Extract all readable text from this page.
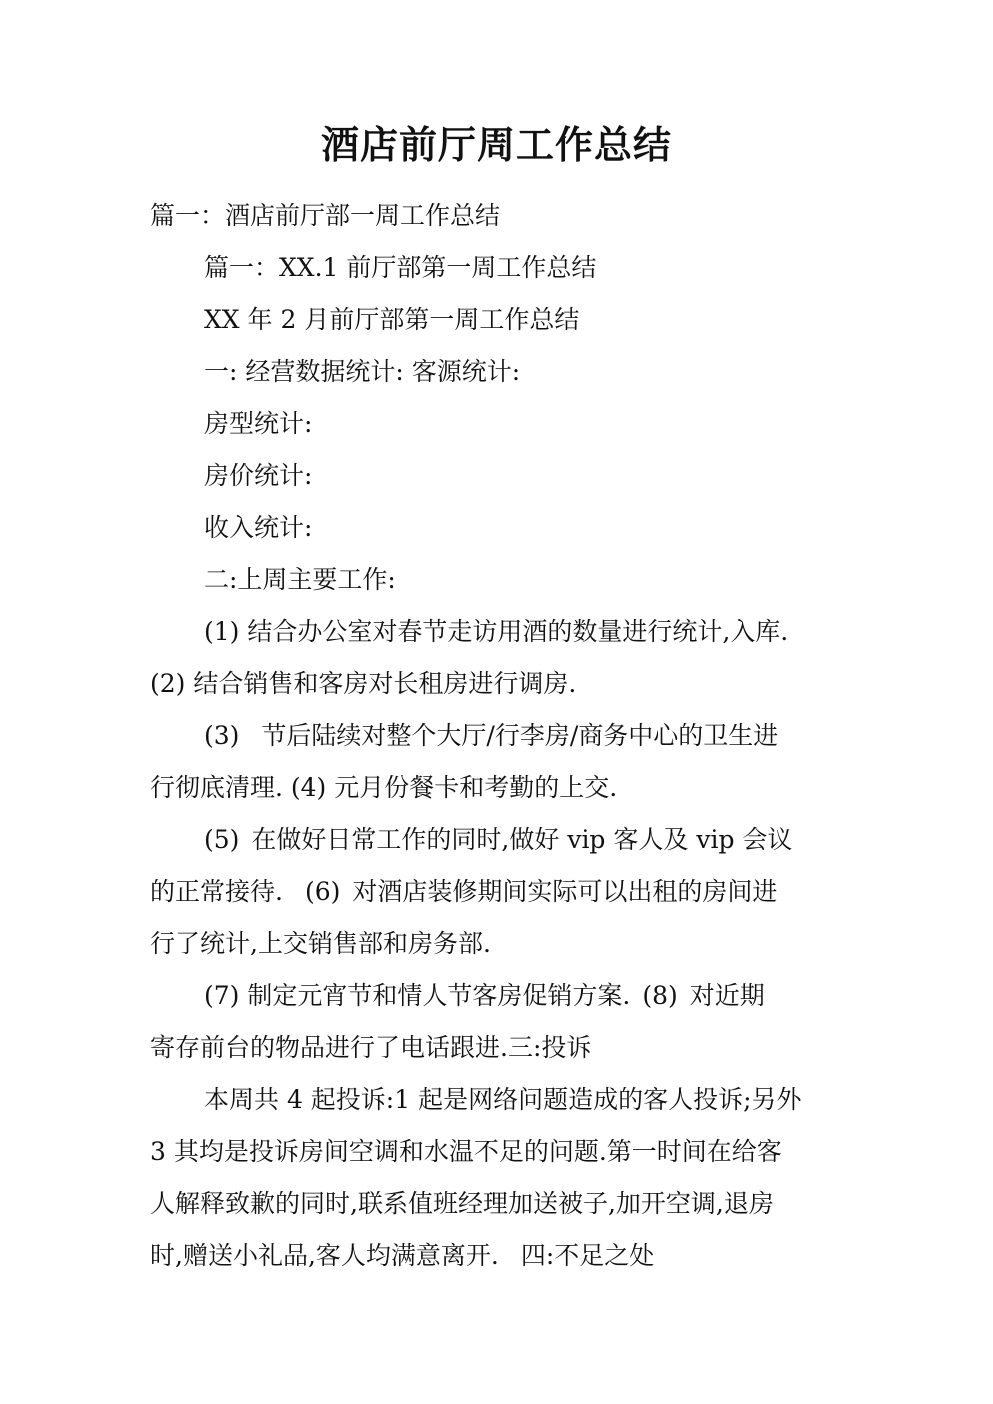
酒店前厅周工作总结

篇一：酒店前厅部一周工作总结

篇一：XX.1 前厅部第一周工作总结

XX 年 2 月前厅部第一周工作总结

一: 经营数据统计: 客源统计:

房型统计:

房价统计:

收入统计:

二:上周主要工作:

(1) 结合办公室对春节走访用酒的数量进行统计,入库.

(2) 结合销售和客房对长租房进行调房.

(3) 节后陆续对整个大厅/行李房/商务中心的卫生进

行彻底清理. (4) 元月份餐卡和考勤的上交.

(5) 在做好日常工作的同时,做好 vip 客人及 vip 会议

的正常接待. (6) 对酒店装修期间实际可以出租的房间进

行了统计,上交销售部和房务部.

(7) 制定元宵节和情人节客房促销方案. (8) 对近期

寄存前台的物品进行了电话跟进.三:投诉

本周共 4 起投诉:1 起是网络问题造成的客人投诉;另外

3 其均是投诉房间空调和水温不足的问题.第一时间在给客

人解释致歉的同时,联系值班经理加送被子,加开空调,退房

时,赠送小礼品,客人均满意离开. 四:不足之处
